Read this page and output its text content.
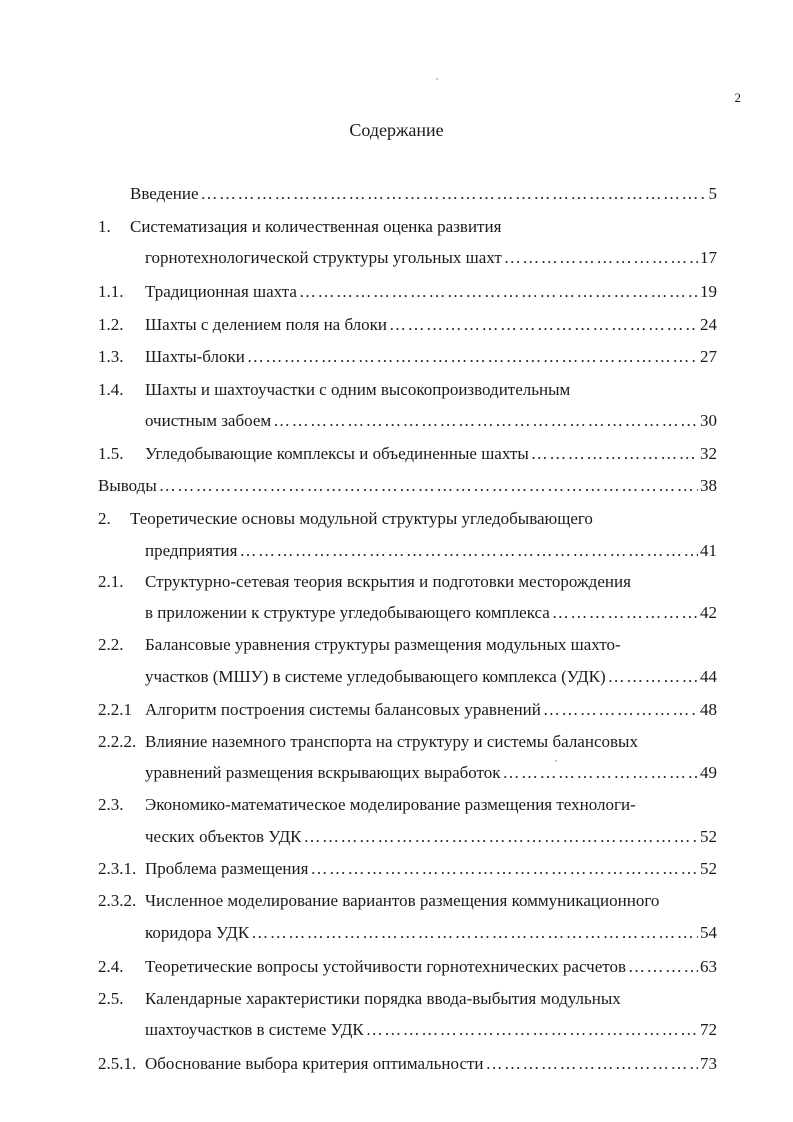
2
Содержание
Введение …………………………………………………………………………………………………………………………………………………………………	5
1. Систематизация и количественная оценка развития
горнотехнологической структуры угольных шахт …………………………………………………………………………………………………………………………………………………………………	17
1.1. Традиционная шахта …………………………………………………………………………………………………………………………………………………………………	19
1.2. Шахты с делением поля на блоки …………………………………………………………………………………………………………………………………………………………………	24
1.3. Шахты-блоки …………………………………………………………………………………………………………………………………………………………………	27
1.4. Шахты и шахтоучастки с одним высокопроизводительным
очистным забоем …………………………………………………………………………………………………………………………………………………………………	30
1.5. Угледобывающие комплексы и объединенные шахты …………………………………………………………………………………………………………………………………………………………………	32
Выводы …………………………………………………………………………………………………………………………………………………………………	38
2. Теоретические основы модульной структуры угледобывающего
предприятия …………………………………………………………………………………………………………………………………………………………………	41
2.1. Структурно-сетевая теория вскрытия и подготовки месторождения
в приложении к структуре угледобывающего комплекса …………………………………………………………………………………………………………………………………………………………………	42
2.2. Балансовые уравнения структуры размещения модульных шахто-
участков (МШУ) в системе угледобывающего комплекса (УДК) …………………………………………………………………………………………………………………………………………………………………	44
2.2.1 Алгоритм построения системы балансовых уравнений …………………………………………………………………………………………………………………………………………………………………	48
2.2.2. Влияние наземного транспорта на структуру и системы балансовых
уравнений размещения вскрывающих выработок …………………………………………………………………………………………………………………………………………………………………	49
2.3. Экономико-математическое моделирование размещения технологи-
ческих объектов УДК …………………………………………………………………………………………………………………………………………………………………	52
2.3.1. Проблема размещения …………………………………………………………………………………………………………………………………………………………………	52
2.3.2. Численное моделирование вариантов размещения коммуникационного
коридора УДК …………………………………………………………………………………………………………………………………………………………………	54
2.4. Теоретические вопросы устойчивости горнотехнических расчетов …………………………………………………………………………………………………………………………………………………………………	63
2.5. Календарные характеристики порядка ввода-выбытия модульных
шахтоучастков в системе УДК …………………………………………………………………………………………………………………………………………………………………	72
2.5.1. Обоснование выбора критерия оптимальности …………………………………………………………………………………………………………………………………………………………………	73
